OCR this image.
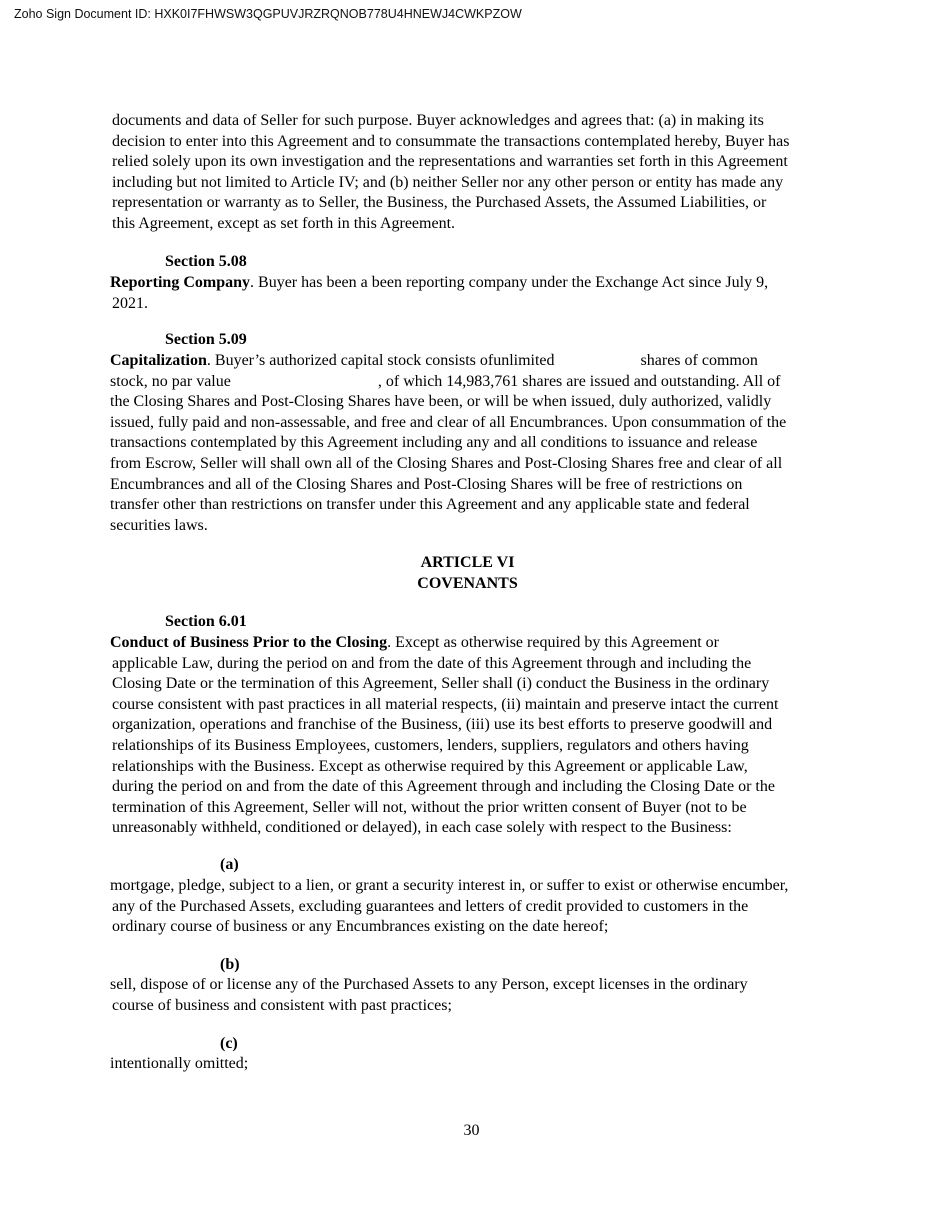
Zoho Sign Document ID: HXK0I7FHWSW3QGPUVJRZRQNOB778U4HNEWJ4CWKPZOW
documents and data of Seller for such purpose. Buyer acknowledges and agrees that: (a) in making its
decision to enter into this Agreement and to consummate the transactions contemplated hereby, Buyer has
relied solely upon its own investigation and the representations and warranties set forth in this Agreement
including but not limited to Article IV; and (b) neither Seller nor any other person or entity has made any
representation or warranty as to Seller, the Business, the Purchased Assets, the Assumed Liabilities, or
this Agreement, except as set forth in this Agreement.
Section 5.08
Reporting Company. Buyer has been a been reporting company under the Exchange Act since July 9,
2021.
Section 5.09
Capitalization. Buyer’s authorized capital stock consists ofunlimited	shares of common
stock, no par value	, of which 14,983,761 shares are issued and outstanding. All of
the Closing Shares and Post-Closing Shares have been, or will be when issued, duly authorized, validly
issued, fully paid and non-assessable, and free and clear of all Encumbrances. Upon consummation of the
transactions contemplated by this Agreement including any and all conditions to issuance and release
from Escrow, Seller will shall own all of the Closing Shares and Post-Closing Shares free and clear of all
Encumbrances and all of the Closing Shares and Post-Closing Shares will be free of restrictions on
transfer other than restrictions on transfer under this Agreement and any applicable state and federal
securities laws.
ARTICLE VI
COVENANTS
Section 6.01
Conduct of Business Prior to the Closing. Except as otherwise required by this Agreement or
applicable Law, during the period on and from the date of this Agreement through and including the
Closing Date or the termination of this Agreement, Seller shall (i) conduct the Business in the ordinary
course consistent with past practices in all material respects, (ii) maintain and preserve intact the current
organization, operations and franchise of the Business, (iii) use its best efforts to preserve goodwill and
relationships of its Business Employees, customers, lenders, suppliers, regulators and others having
relationships with the Business. Except as otherwise required by this Agreement or applicable Law,
during the period on and from the date of this Agreement through and including the Closing Date or the
termination of this Agreement, Seller will not, without the prior written consent of Buyer (not to be
unreasonably withheld, conditioned or delayed), in each case solely with respect to the Business:
(a)
mortgage, pledge, subject to a lien, or grant a security interest in, or suffer to exist or otherwise encumber,
any of the Purchased Assets, excluding guarantees and letters of credit provided to customers in the
ordinary course of business or any Encumbrances existing on the date hereof;
(b)
sell, dispose of or license any of the Purchased Assets to any Person, except licenses in the ordinary
course of business and consistent with past practices;
(c)
intentionally omitted;
30
